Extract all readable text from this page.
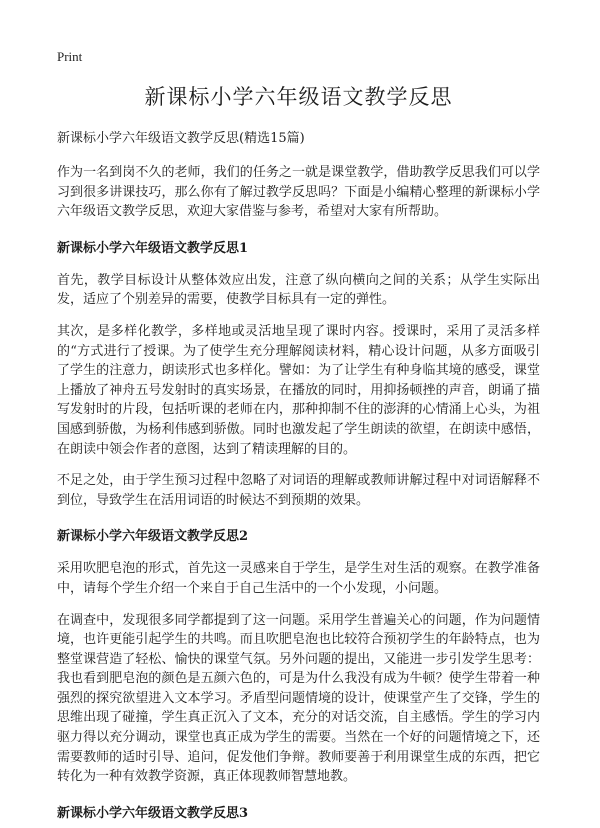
Print
新课标小学六年级语文教学反思
新课标小学六年级语文教学反思(精选15篇)

作为一名到岗不久的老师，我们的任务之一就是课堂教学，借助教学反思我们可以学习到很多讲课技巧，那么你有了解过教学反思吗？下面是小编精心整理的新课标小学六年级语文教学反思，欢迎大家借鉴与参考，希望对大家有所帮助。

新课标小学六年级语文教学反思1

首先，教学目标设计从整体效应出发，注意了纵向横向之间的关系；从学生实际出发，适应了个别差异的需要，使教学目标具有一定的弹性。

其次，是多样化教学，多样地或灵活地呈现了课时内容。授课时，采用了灵活多样的“方式进行了授课。为了使学生充分理解阅读材料，精心设计问题，从多方面吸引了学生的注意力，朗读形式也多样化。譬如：为了让学生有种身临其境的感受，课堂上播放了神舟五号发射时的真实场景，在播放的同时，用抑扬顿挫的声音，朗诵了描写发射时的片段，包括听课的老师在内，那种抑制不住的澎湃的心情涌上心头，为祖国感到骄傲，为杨利伟感到骄傲。同时也激发起了学生朗读的欲望，在朗读中感悟，在朗读中领会作者的意图，达到了精读理解的目的。

不足之处，由于学生预习过程中忽略了对词语的理解或教师讲解过程中对词语解释不到位，导致学生在活用词语的时候达不到预期的效果。

新课标小学六年级语文教学反思2

采用吹肥皂泡的形式，首先这一灵感来自于学生，是学生对生活的观察。在教学准备中，请每个学生介绍一个来自于自己生活中的一个小发现，小问题。

在调查中，发现很多同学都提到了这一问题。采用学生普遍关心的问题，作为问题情境，也许更能引起学生的共鸣。而且吹肥皂泡也比较符合预初学生的年龄特点，也为整堂课营造了轻松、愉快的课堂气氛。另外问题的提出，又能进一步引发学生思考：我也看到肥皂泡的颜色是五颜六色的，可是为什么我没有成为牛顿？使学生带着一种强烈的探究欲望进入文本学习。矛盾型问题情境的设计，使课堂产生了交锋，学生的思维出现了碰撞，学生真正沉入了文本，充分的对话交流，自主感悟。学生的学习内驱力得以充分调动，课堂也真正成为学生的需要。当然在一个好的问题情境之下，还需要教师的适时引导、追问，促发他们争辩。教师要善于利用课堂生成的东西，把它转化为一种有效教学资源，真正体现教师智慧地教。

新课标小学六年级语文教学反思3
